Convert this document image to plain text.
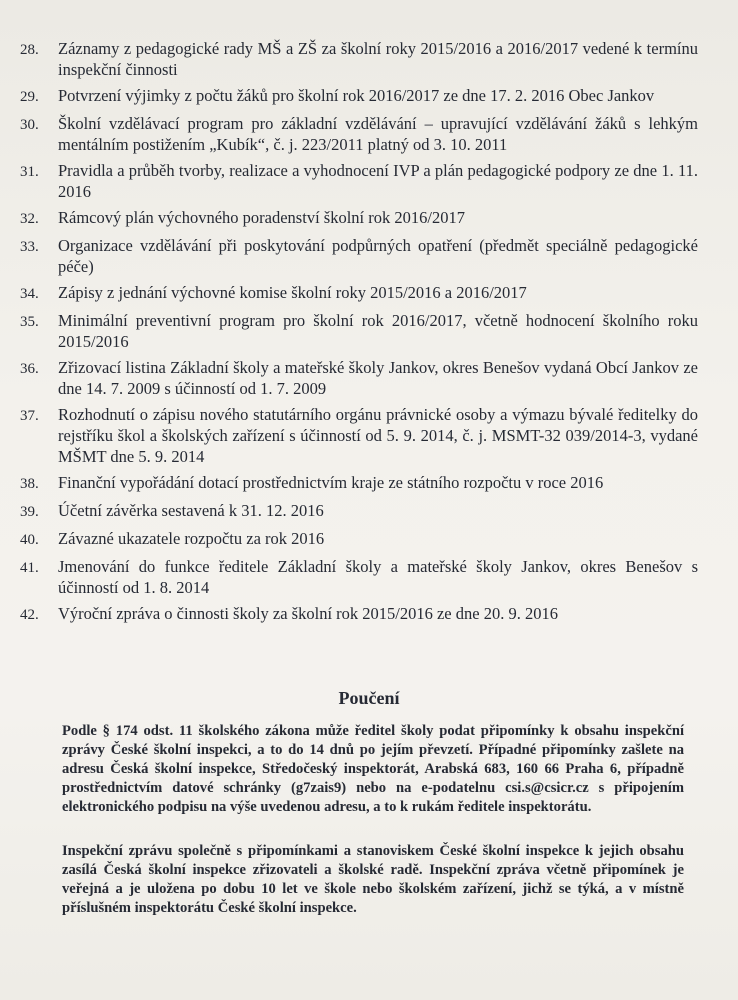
28.	Záznamy z pedagogické rady MŠ a ZŠ za školní roky 2015/2016 a 2016/2017 vedené k termínu inspekční činnosti
29.	Potvrzení výjimky z počtu žáků pro školní rok 2016/2017 ze dne 17. 2. 2016 Obec Jankov
30.	Školní vzdělávací program pro základní vzdělávání – upravující vzdělávání žáků s lehkým mentálním postižením „Kubík“, č. j. 223/2011 platný od 3. 10. 2011
31.	Pravidla a průběh tvorby, realizace a vyhodnocení IVP a plán pedagogické podpory ze dne 1. 11. 2016
32.	Rámcový plán výchovného poradenství školní rok 2016/2017
33.	Organizace vzdělávání při poskytování podpůrných opatření (předmět speciálně pedagogické péče)
34.	Zápisy z jednání výchovné komise školní roky 2015/2016 a 2016/2017
35.	Minimální preventivní program pro školní rok 2016/2017, včetně hodnocení školního roku 2015/2016
36.	Zřizovací listina Základní školy a mateřské školy Jankov, okres Benešov vydaná Obcí Jankov ze dne 14. 7. 2009 s účinností od 1. 7. 2009
37.	Rozhodnutí o zápisu nového statutárního orgánu právnické osoby a výmazu bývalé ředitelky do rejstříku škol a školských zařízení s účinností od 5. 9. 2014, č. j. MSMT-32 039/2014-3, vydané MŠMT dne 5. 9. 2014
38.	Finanční vypořádání dotací prostřednictvím kraje ze státního rozpočtu v roce 2016
39.	Účetní závěrka sestavená k 31. 12. 2016
40.	Závazné ukazatele rozpočtu za rok 2016
41.	Jmenování do funkce ředitele Základní školy a mateřské školy Jankov, okres Benešov s účinností od 1. 8. 2014
42.	Výroční zpráva o činnosti školy za školní rok 2015/2016 ze dne 20. 9. 2016
Poučení
Podle § 174 odst. 11 školského zákona může ředitel školy podat připomínky k obsahu inspekční zprávy České školní inspekci, a to do 14 dnů po jejím převzetí. Případné připomínky zašlete na adresu Česká školní inspekce, Středočeský inspektorát, Arabská 683, 160 66 Praha 6, případně prostřednictvím datové schránky (g7zais9) nebo na e-podatelnu csi.s@csicr.cz s připojením elektronického podpisu na výše uvedenou adresu, a to k rukám ředitele inspektorátu.
Inspekční zprávu společně s připomínkami a stanoviskem České školní inspekce k jejich obsahu zasílá Česká školní inspekce zřizovateli a školské radě. Inspekční zpráva včetně připomínek je veřejná a je uložena po dobu 10 let ve škole nebo školském zařízení, jichž se týká, a v místně příslušném inspektorátu České školní inspekce.
